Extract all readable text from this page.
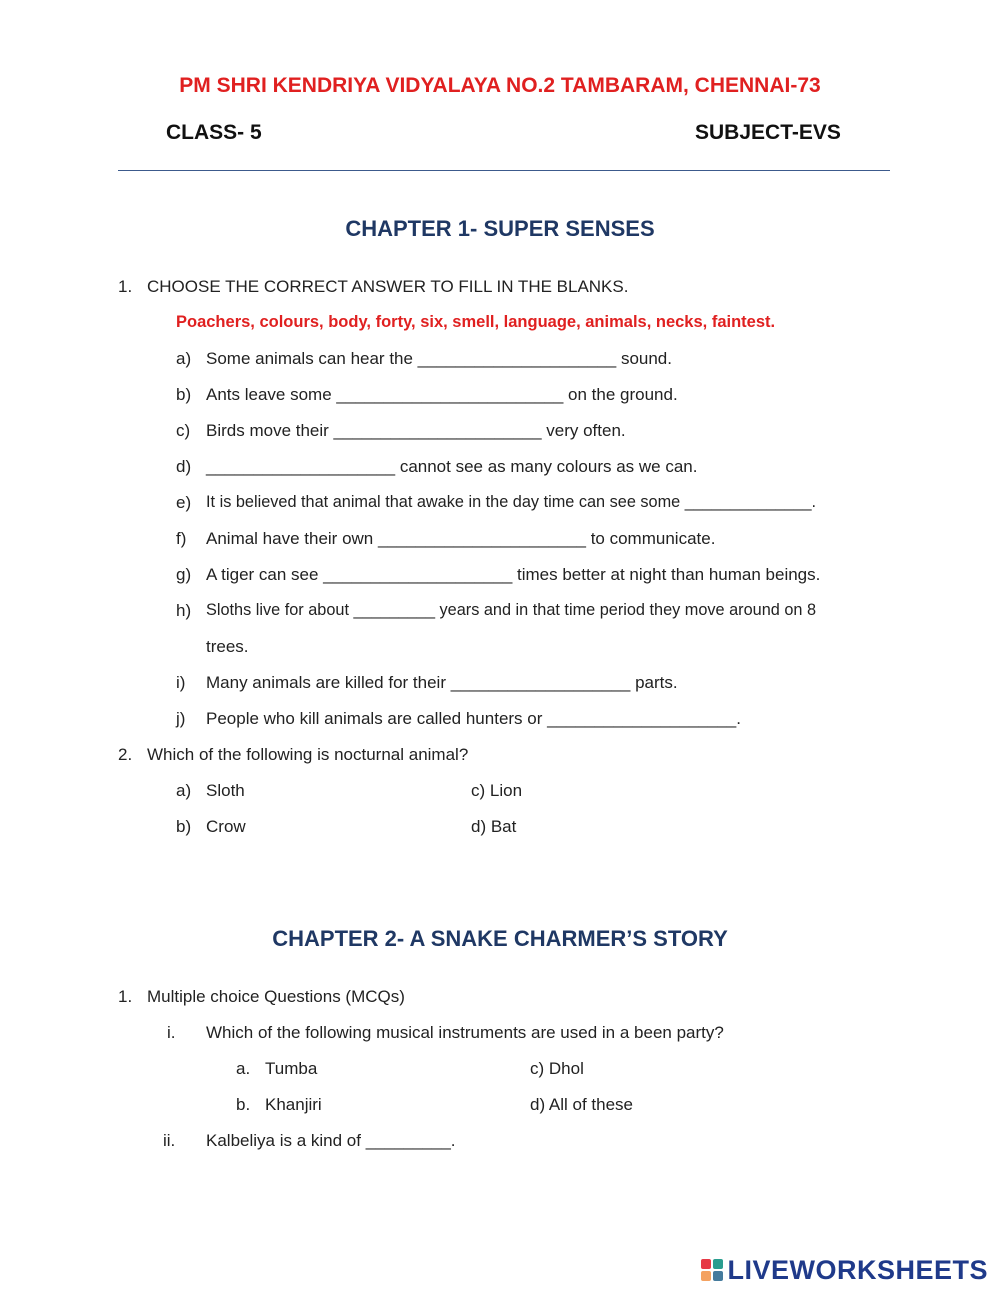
PM SHRI KENDRIYA VIDYALAYA NO.2 TAMBARAM, CHENNAI-73
CLASS- 5	SUBJECT-EVS
CHAPTER 1- SUPER SENSES
1. CHOOSE THE CORRECT ANSWER TO FILL IN THE BLANKS.
Poachers, colours, body, forty, six, smell, language, animals, necks, faintest.
a) Some animals can hear the _____________________ sound.
b) Ants leave some ________________________ on the ground.
c) Birds move their ______________________ very often.
d) ____________________ cannot see as many colours as we can.
e) It is believed that animal that awake in the day time can see some ______________.
f) Animal have their own ______________________ to communicate.
g) A tiger can see ____________________ times better at night than human beings.
h) Sloths live for about _________ years and in that time period they move around on 8
trees.
i) Many animals are killed for their ___________________ parts.
j) People who kill animals are called hunters or ____________________.
2. Which of the following is nocturnal animal?
a) Sloth
b) Crow
c) Lion
d) Bat
CHAPTER 2- A SNAKE CHARMER’S STORY
1. Multiple choice Questions (MCQs)
i. Which of the following musical instruments are used in a been party?
a. Tumba
b. Khanjiri
c) Dhol
d) All of these
ii. Kalbeliya is a kind of _________.
LIVEWORKSHEETS
